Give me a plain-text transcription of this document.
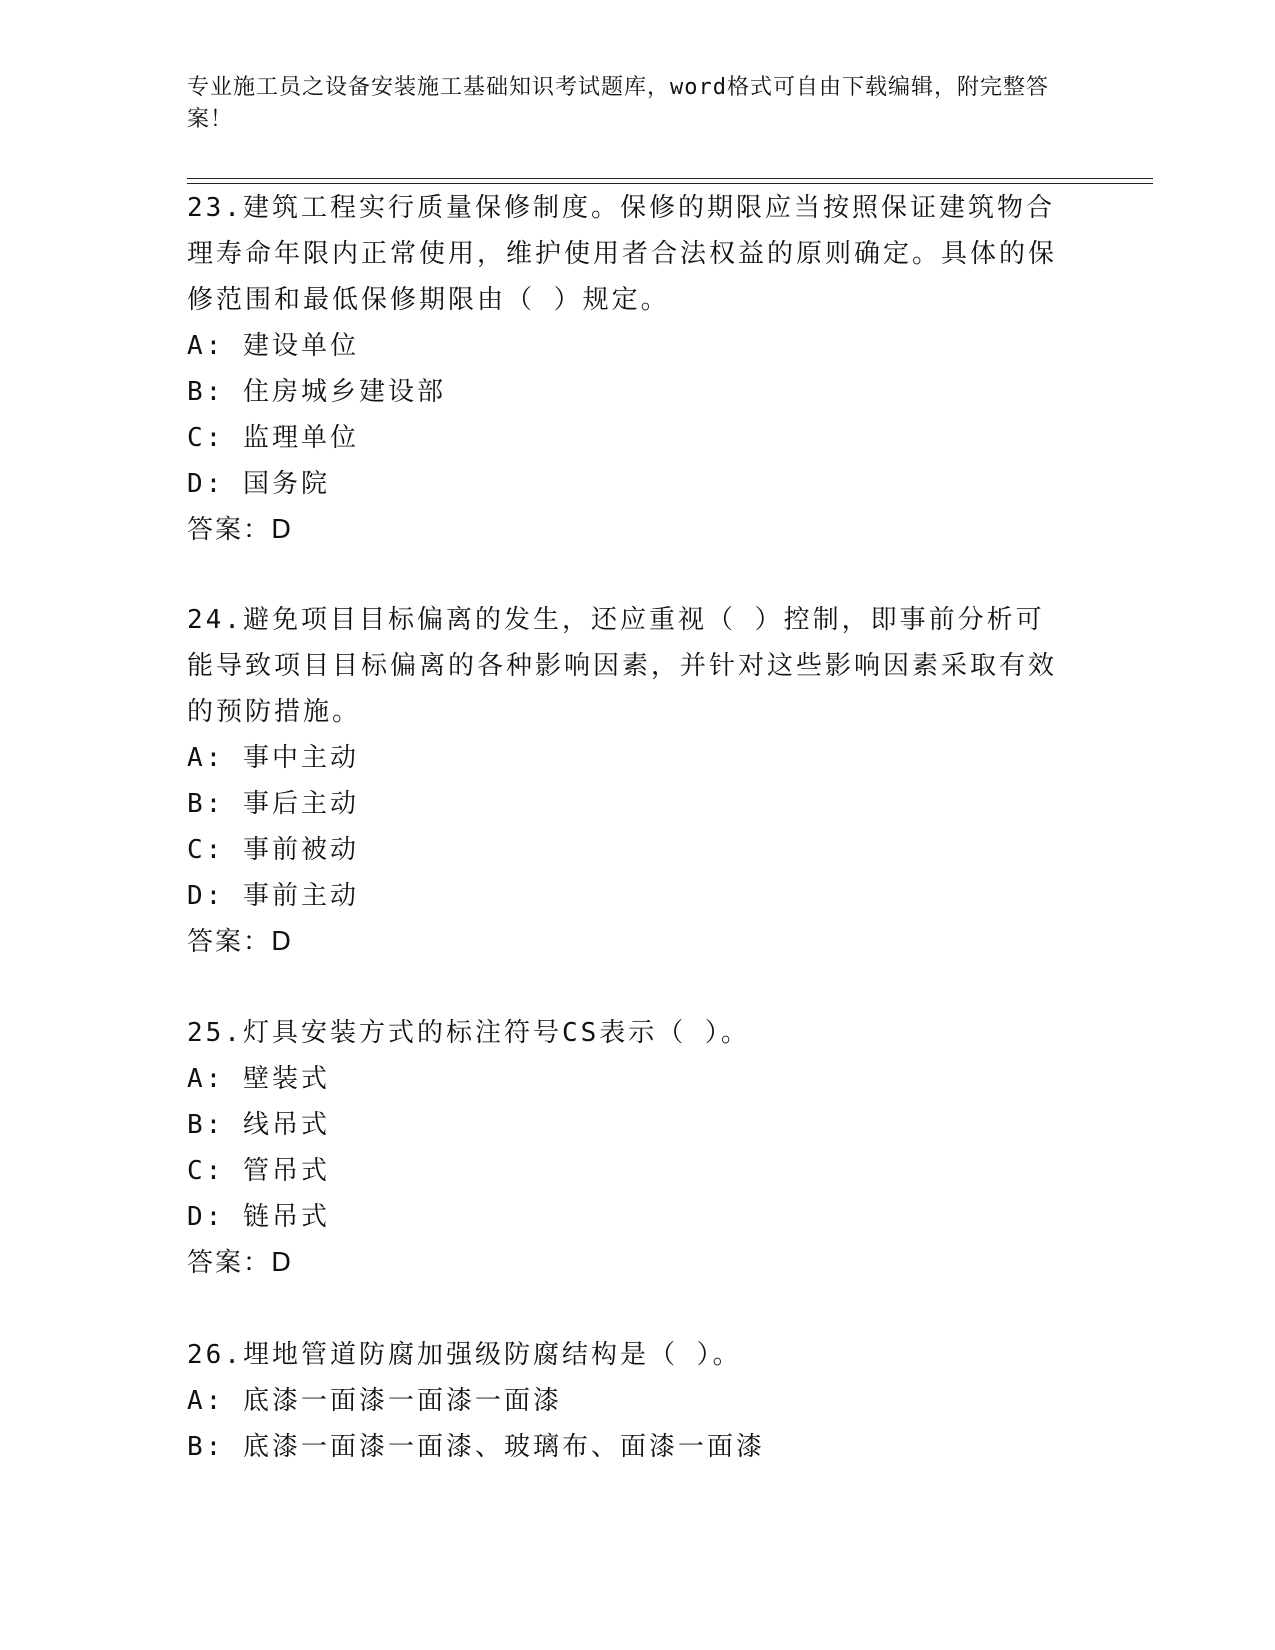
专业施工员之设备安装施工基础知识考试题库，word格式可自由下载编辑，附完整答案！
23.建筑工程实行质量保修制度。保修的期限应当按照保证建筑物合理寿命年限内正常使用，维护使用者合法权益的原则确定。具体的保修范围和最低保修期限由（ ）规定。
A: 建设单位
B: 住房城乡建设部
C: 监理单位
D: 国务院
答案：D
24.避免项目目标偏离的发生，还应重视（ ）控制，即事前分析可能导致项目目标偏离的各种影响因素，并针对这些影响因素采取有效的预防措施。
A: 事中主动
B: 事后主动
C: 事前被动
D: 事前主动
答案：D
25.灯具安装方式的标注符号CS表示（ ）。
A: 壁装式
B: 线吊式
C: 管吊式
D: 链吊式
答案：D
26.埋地管道防腐加强级防腐结构是（ ）。
A: 底漆一面漆一面漆一面漆
B: 底漆一面漆一面漆、玻璃布、面漆一面漆
